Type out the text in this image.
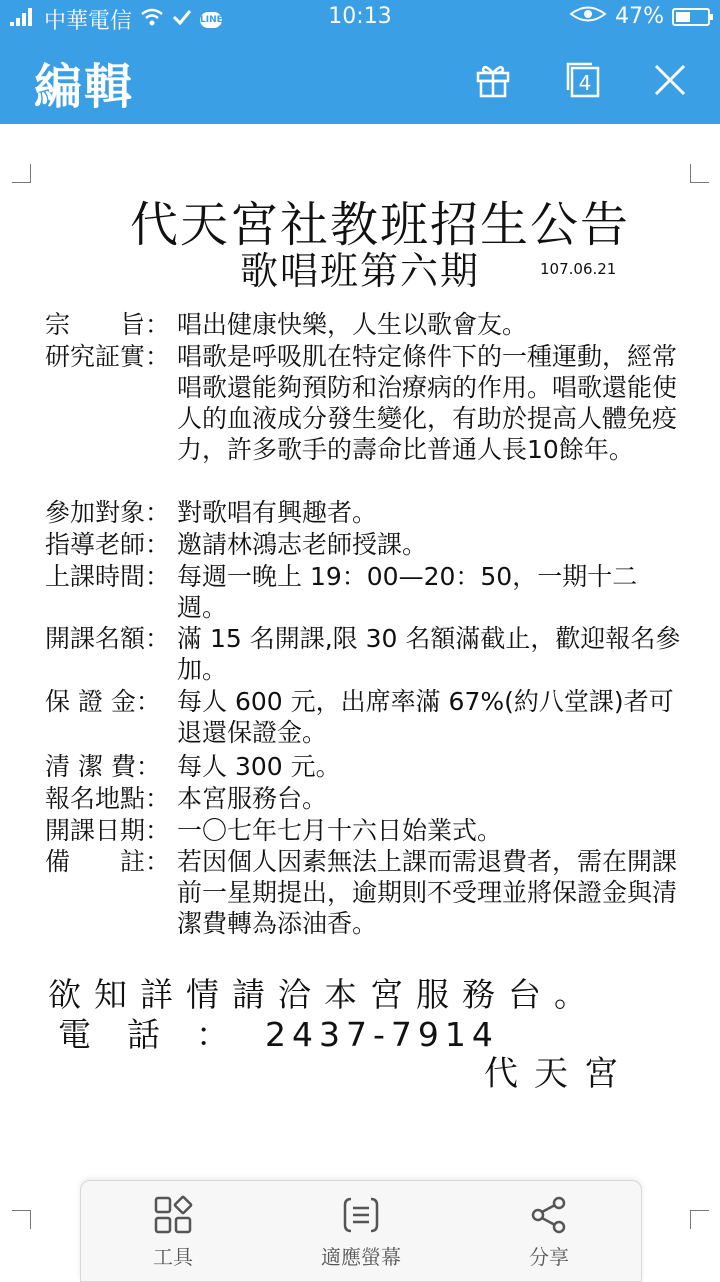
中華電信	LINE	10:13	47%
編輯	4
代天宮社教班招生公告
歌唱班第六期	107.06.21
宗　　旨： 唱出健康快樂，人生以歌會友。
研究証實： 唱歌是呼吸肌在特定條件下的一種運動，經常唱歌還能夠預防和治療病的作用。唱歌還能使人的血液成分發生變化，有助於提高人體免疫力，許多歌手的壽命比普通人長10餘年。
參加對象： 對歌唱有興趣者。
指導老師： 邀請林鴻志老師授課。
上課時間： 每週一晚上 19：00—20：50，一期十二週。
開課名額： 滿 15 名開課,限 30 名額滿截止，歡迎報名參加。
保 證 金： 每人 600 元，出席率滿 67%(約八堂課)者可退還保證金。
清 潔 費： 每人 300 元。
報名地點： 本宮服務台。
開課日期： 一〇七年七月十六日始業式。
備　　註： 若因個人因素無法上課而需退費者，需在開課前一星期提出，逾期則不受理並將保證金與清潔費轉為添油香。
欲知詳情請洽本宮服務台。
電話：2437-7914
代天宮
工具	適應螢幕	分享
